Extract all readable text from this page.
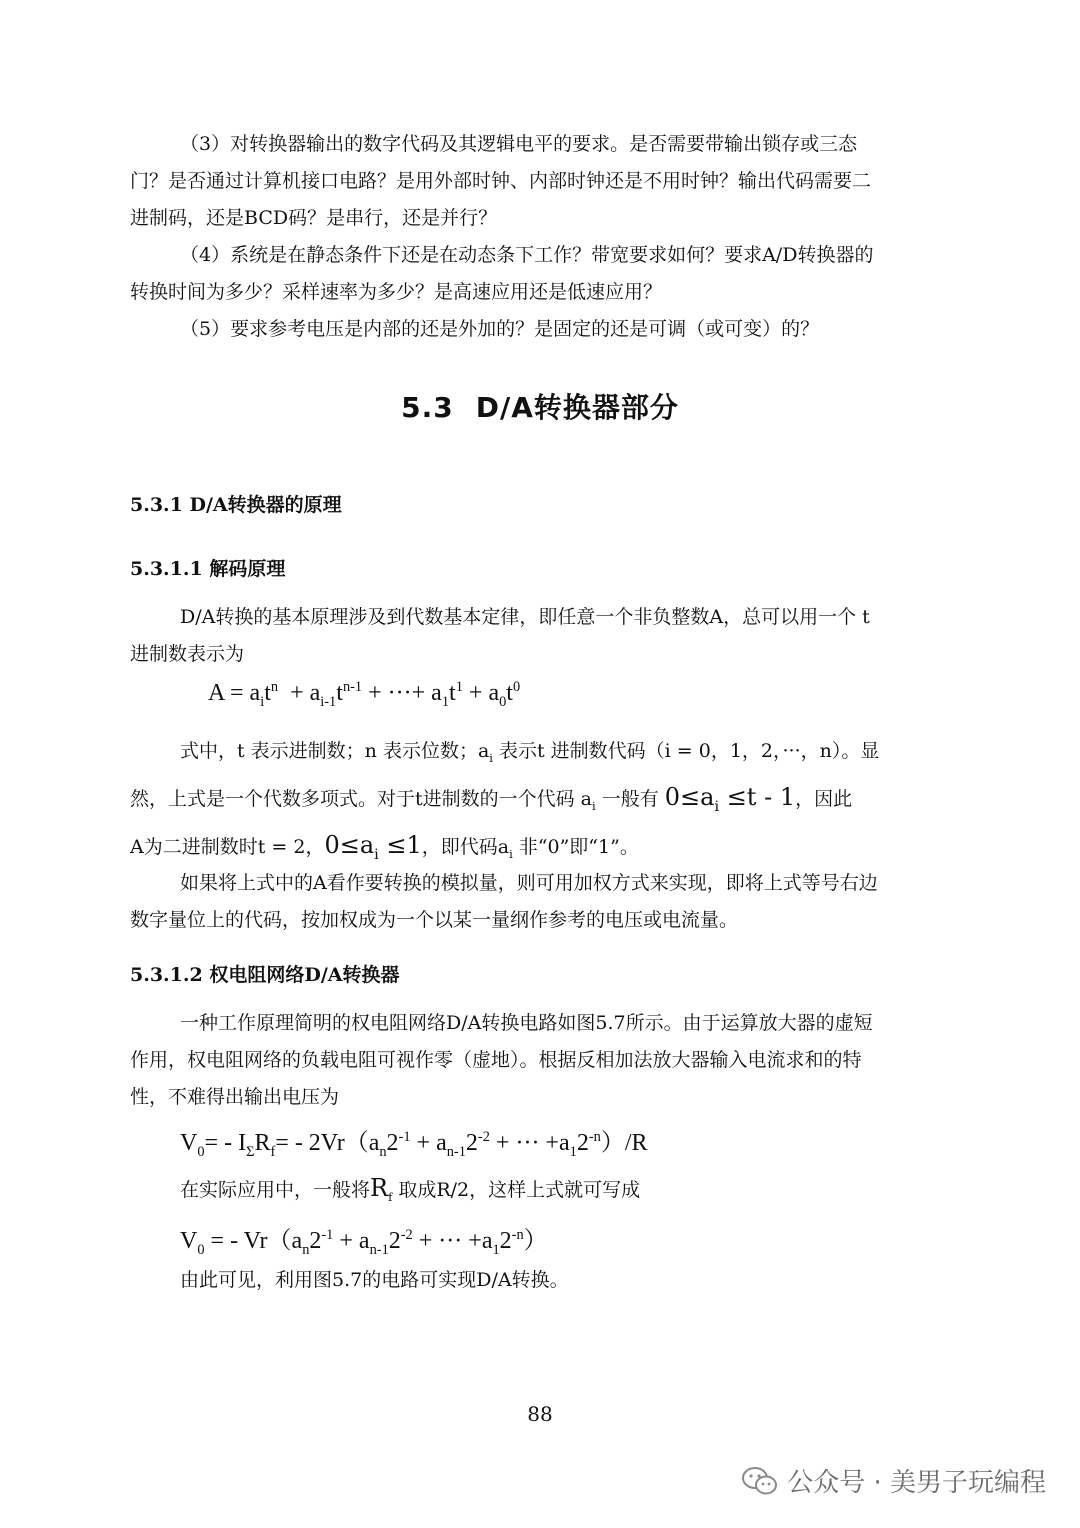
（3）对转换器输出的数字代码及其逻辑电平的要求。是否需要带输出锁存或三态
门？是否通过计算机接口电路？是用外部时钟、内部时钟还是不用时钟？输出代码需要二
进制码，还是BCD码？是串行，还是并行？

（4）系统是在静态条件下还是在动态条下工作？带宽要求如何？要求A/D转换器的
转换时间为多少？采样速率为多少？是高速应用还是低速应用？

（5）要求参考电压是内部的还是外加的？是固定的还是可调（或可变）的？

5.3 D/A转换器部分
5.3.1 D/A转换器的原理
5.3.1.1 解码原理

D/A转换的基本原理涉及到代数基本定律，即任意一个非负整数A，总可以用一个 t
进制数表示为

$A = a_it^n + a_{i-1}t^{n-1}$ + ···+ $a_1t^1 + a_0t^0$

式中，t 表示进制数；n 表示位数；$a_i$ 表示t 进制数代码（i = 0，1，2，···，n）。显
然，上式是一个代数多项式。对于t进制数的一个代码 $a_i$ 一般有 $0\le a_i \le t - 1$，因此
A为二进制数时t = 2，$0\le a_i \le 1$，即代码$a_i$ 非“0”即“1”。

如果将上式中的A看作要转换的模拟量，则可用加权方式来实现，即将上式等号右边
数字量位上的代码，按加权成为一个以某一量纲作参考的电压或电流量。

5.3.1.2 权电阻网络D/A转换器

一种工作原理简明的权电阻网络D/A转换电路如图5.7所示。由于运算放大器的虚短
作用，权电阻网络的负载电阻可视作零（虚地）。根据反相加法放大器输入电流求和的特
性，不难得出输出电压为

$V_0= - I_\Sigma R_f= - 2Vr(a_n2^{-1} + a_{n-1}2^{-2}$ + ··· $+a_12^{-n})/R$

在实际应用中，一般将$R_f$ 取成R/2，这样上式就可写成

$V_0$ = - $Vr(a_n2^{-1} + a_{n-1}2^{-2}$ + ··· $+a_12^{-n}$）

由此可见，利用图5.7的电路可实现D/A转换。

88
公众号 · 美男子玩编程
